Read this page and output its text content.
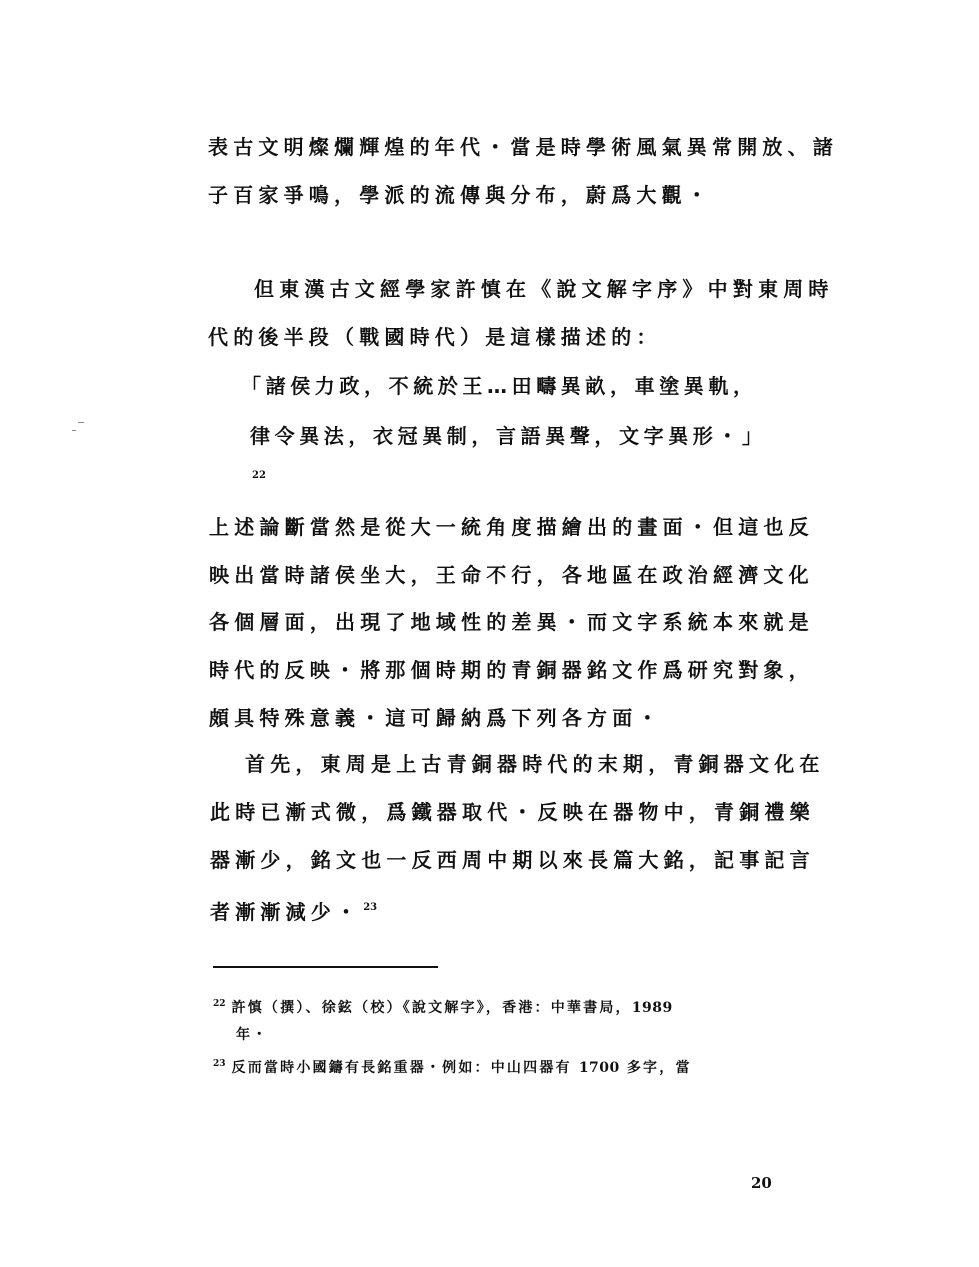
表古文明燦爛輝煌的年代・當是時學術風氣異常開放、諸
子百家爭鳴，學派的流傳與分布，蔚爲大觀・
但東漢古文經學家許慎在《說文解字序》中對東周時
代的後半段（戰國時代）是這樣描述的：
「諸侯力政，不統於王…田疇異畝，車塗異軌，
律令異法，衣冠異制，言語異聲，文字異形・」
22
上述論斷當然是從大一統角度描繪出的畫面・但這也反
映出當時諸侯坐大，王命不行，各地區在政治經濟文化
各個層面，出現了地域性的差異・而文字系統本來就是
時代的反映・將那個時期的青銅器銘文作爲研究對象，
頗具特殊意義・這可歸納爲下列各方面・
首先，東周是上古青銅器時代的末期，青銅器文化在
此時已漸式微，爲鐵器取代・反映在器物中，青銅禮樂
器漸少，銘文也一反西周中期以來長篇大銘，記事記言
者漸漸減少・ $^{23}$
$^{22}$ 許慎（撰）、徐鉉（校）《說文解字》，香港：中華書局，1989
年・
$^{23}$ 反而當時小國鑄有長銘重器・例如：中山四器有 1700 多字，當
20
